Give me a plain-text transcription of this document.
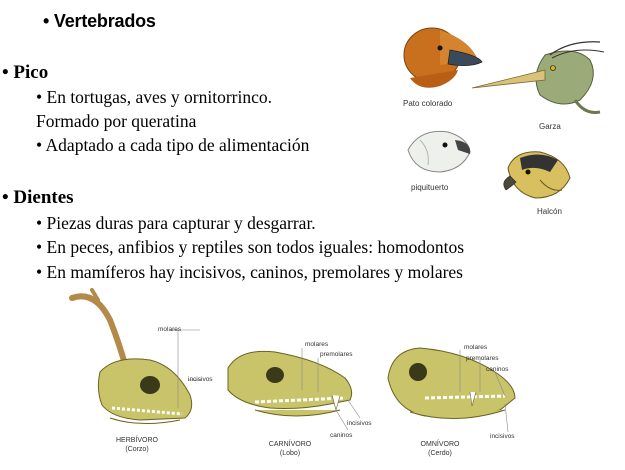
• Vertebrados
• Pico
• En tortugas, aves y ornitorrinco.
Formado por queratina
• Adaptado a cada tipo de alimentación
• Dientes
• Piezas duras para capturar y desgarrar.
• En peces, anfibios y reptiles son todos iguales: homodontos
• En mamíferos hay incisivos, caninos, premolares y molares
Pato colorado
Garza
piquituerto
Halcón
molares
incisivos
HERBÍVORO
(Corzo)
molares
premolares
incisivos
caninos
CARNÍVORO
(Lobo)
molares
premolares
caninos
incisivos
OMNÍVORO
(Cerdo)
